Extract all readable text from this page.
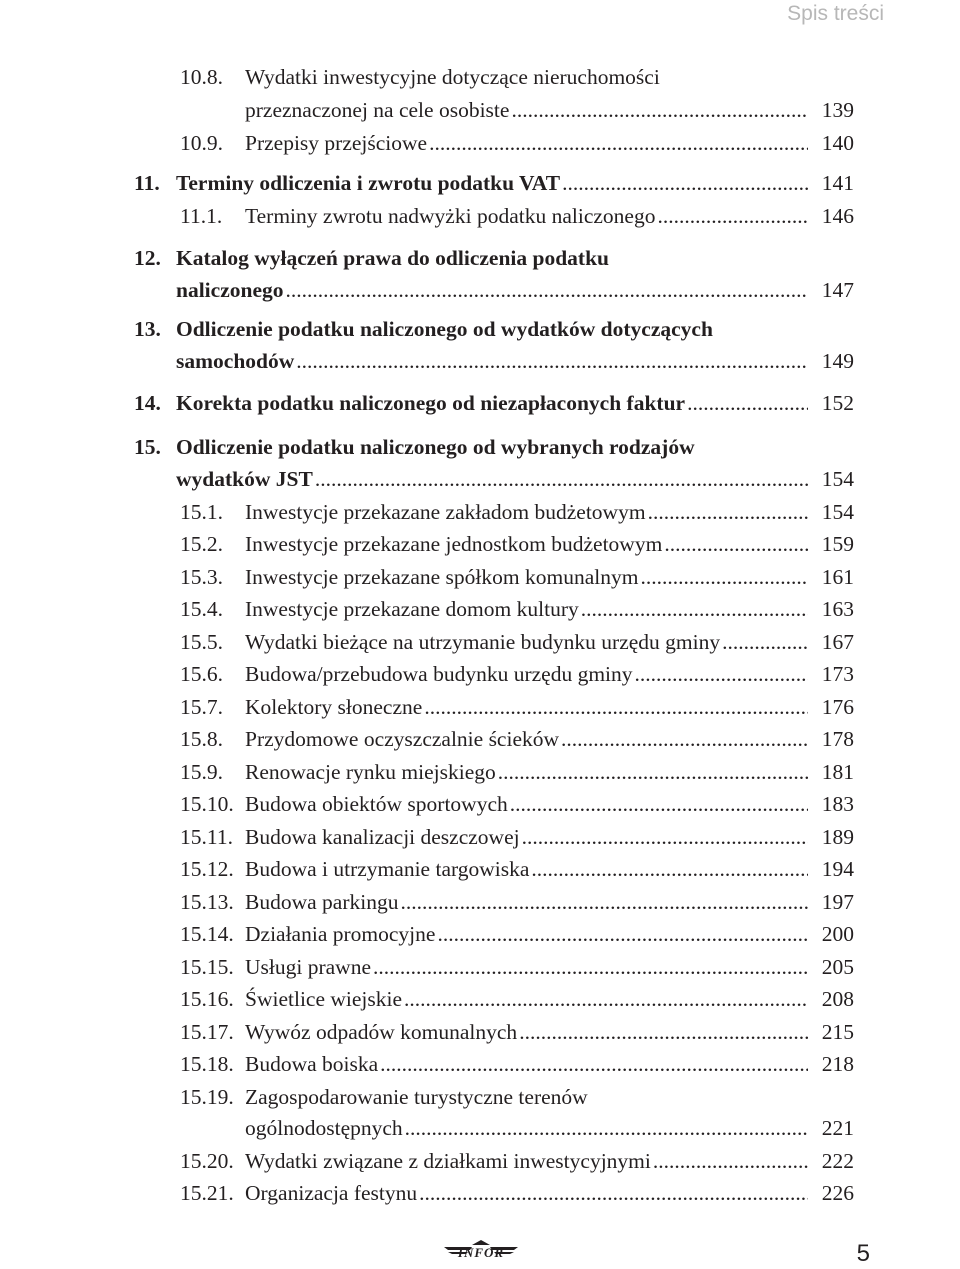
Spis treści
10.8. Wydatki inwestycyjne dotyczące nieruchomości
przeznaczonej na cele osobiste .....	139
10.9. Przepisy przejściowe .....	140
11. Terminy odliczenia i zwrotu podatku VAT .....	141
11.1. Terminy zwrotu nadwyżki podatku naliczonego .....	146
12. Katalog wyłączeń prawa do odliczenia podatku
naliczonego .....	147
13. Odliczenie podatku naliczonego od wydatków dotyczących
samochodów .....	149
14. Korekta podatku naliczonego od niezapłaconych faktur .....	152
15. Odliczenie podatku naliczonego od wybranych rodzajów
wydatków JST .....	154
15.1. Inwestycje przekazane zakładom budżetowym .....	154
15.2. Inwestycje przekazane jednostkom budżetowym .....	159
15.3. Inwestycje przekazane spółkom komunalnym .....	161
15.4. Inwestycje przekazane domom kultury .....	163
15.5. Wydatki bieżące na utrzymanie budynku urzędu gminy .....	167
15.6. Budowa/przebudowa budynku urzędu gminy .....	173
15.7. Kolektory słoneczne .....	176
15.8. Przydomowe oczyszczalnie ścieków .....	178
15.9. Renowacje rynku miejskiego .....	181
15.10. Budowa obiektów sportowych .....	183
15.11. Budowa kanalizacji deszczowej .....	189
15.12. Budowa i utrzymanie targowiska .....	194
15.13. Budowa parkingu .....	197
15.14. Działania promocyjne .....	200
15.15. Usługi prawne .....	205
15.16. Świetlice wiejskie .....	208
15.17. Wywóz odpadów komunalnych .....	215
15.18. Budowa boiska .....	218
15.19. Zagospodarowanie turystyczne terenów
ogólnodostępnych .....	221
15.20. Wydatki związane z działkami inwestycyjnymi .....	222
15.21. Organizacja festynu .....	226
INFOR	5
